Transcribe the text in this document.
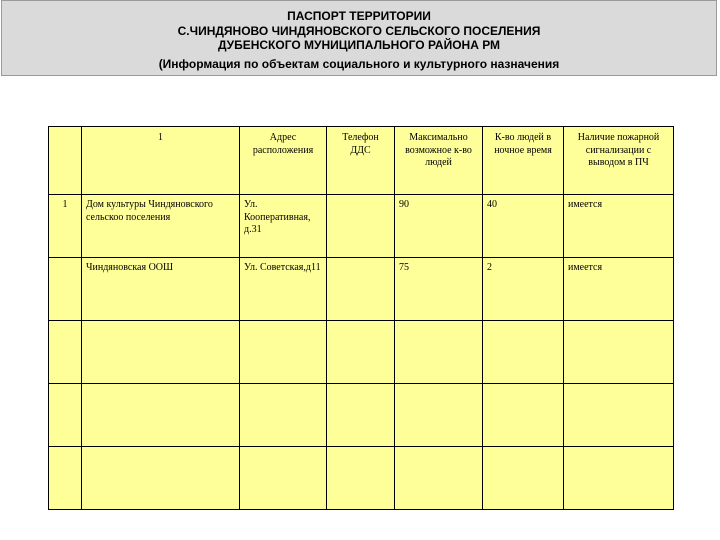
ПАСПОРТ ТЕРРИТОРИИ
С.ЧИНДЯНОВО ЧИНДЯНОВСКОГО СЕЛЬСКОГО ПОСЕЛЕНИЯ
ДУБЕНСКОГО МУНИЦИПАЛЬНОГО РАЙОНА РМ
(Информация по объектам социального и культурного назначения
	1	Адрес расположения	Телефон ДДС	Максимально возможное к-во людей	К-во людей в ночное время	Наличие пожарной сигнализации с выводом в ПЧ
1	Дом культуры Чиндяновского сельскоо поселения	Ул. Кооперативная, д.31		90	40	имеется
	Чиндяновская ООШ	Ул. Советская,д11		75	2	имеется
